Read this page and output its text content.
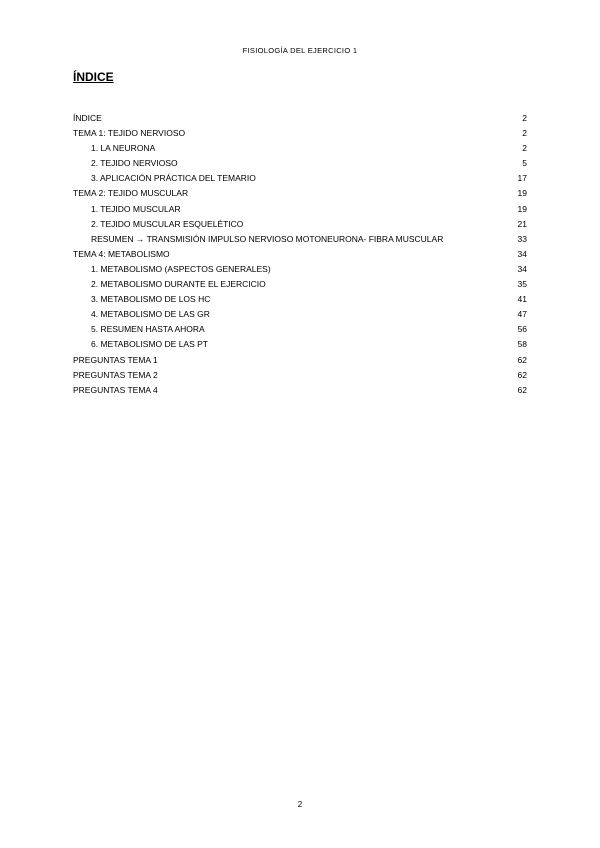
FISIOLOGÍA DEL EJERCICIO 1
ÍNDICE
ÍNDICE	2
TEMA 1: TEJIDO NERVIOSO	2
1. LA NEURONA	2
2. TEJIDO NERVIOSO	5
3. APLICACIÓN PRÁCTICA DEL TEMARIO	17
TEMA 2: TEJIDO MUSCULAR	19
1. TEJIDO MUSCULAR	19
2. TEJIDO MUSCULAR ESQUELÉTICO	21
RESUMEN → TRANSMISIÓN IMPULSO NERVIOSO MOTONEURONA- FIBRA MUSCULAR	33
TEMA 4: METABOLISMO	34
1. METABOLISMO (ASPECTOS GENERALES)	34
2. METABOLISMO DURANTE EL EJERCICIO	35
3. METABOLISMO DE LOS HC	41
4. METABOLISMO DE LAS GR	47
5. RESUMEN HASTA AHORA	56
6. METABOLISMO DE LAS PT	58
PREGUNTAS TEMA 1	62
PREGUNTAS TEMA 2	62
PREGUNTAS TEMA 4	62
2
